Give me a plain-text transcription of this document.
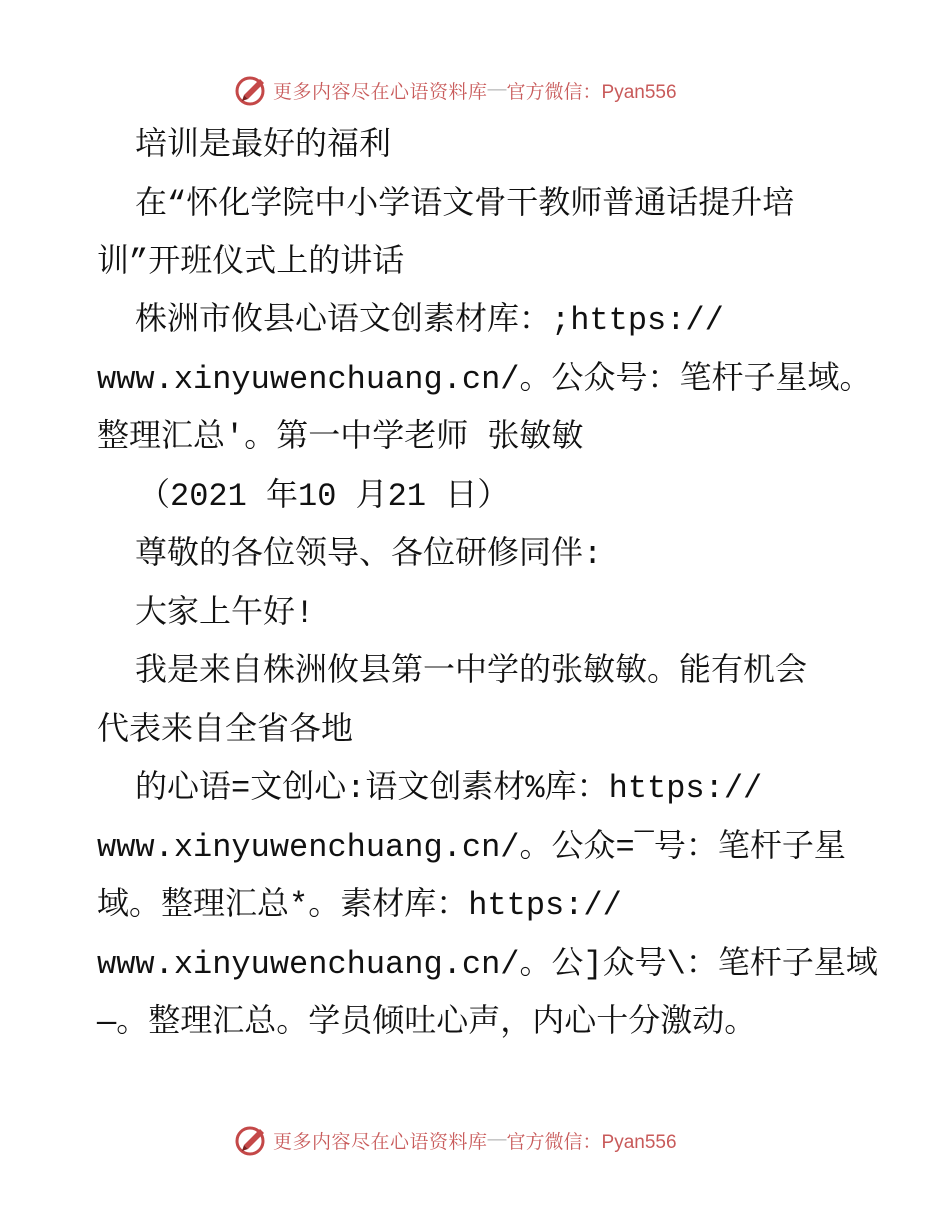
更多内容尽在心语资料库 — 官方微信：Pyan556
培训是最好的福利
在“怀化学院中小学语文骨干教师普通话提升培
训”开班仪式上的讲话
株洲市攸县心语文创素材库：;https://
www.xinyuwenchuang.cn/。公众号：笔杆子星域。
整理汇总′。第一中学老师 张敏敏
（2021 年10 月21 日）
尊敬的各位领导、各位研修同伴:
大家上午好!
我是来自株洲攸县第一中学的张敏敏。能有机会
代表来自全省各地
的心语=文创心:语文创素材%库：https://
www.xinyuwenchuang.cn/。公众=¯号：笔杆子星
域。整理汇总*。素材库：https://
www.xinyuwenchuang.cn/。公]众号\：笔杆子星域
—。整理汇总。学员倾吐心声，内心十分激动。
更多内容尽在心语资料库 — 官方微信：Pyan556
